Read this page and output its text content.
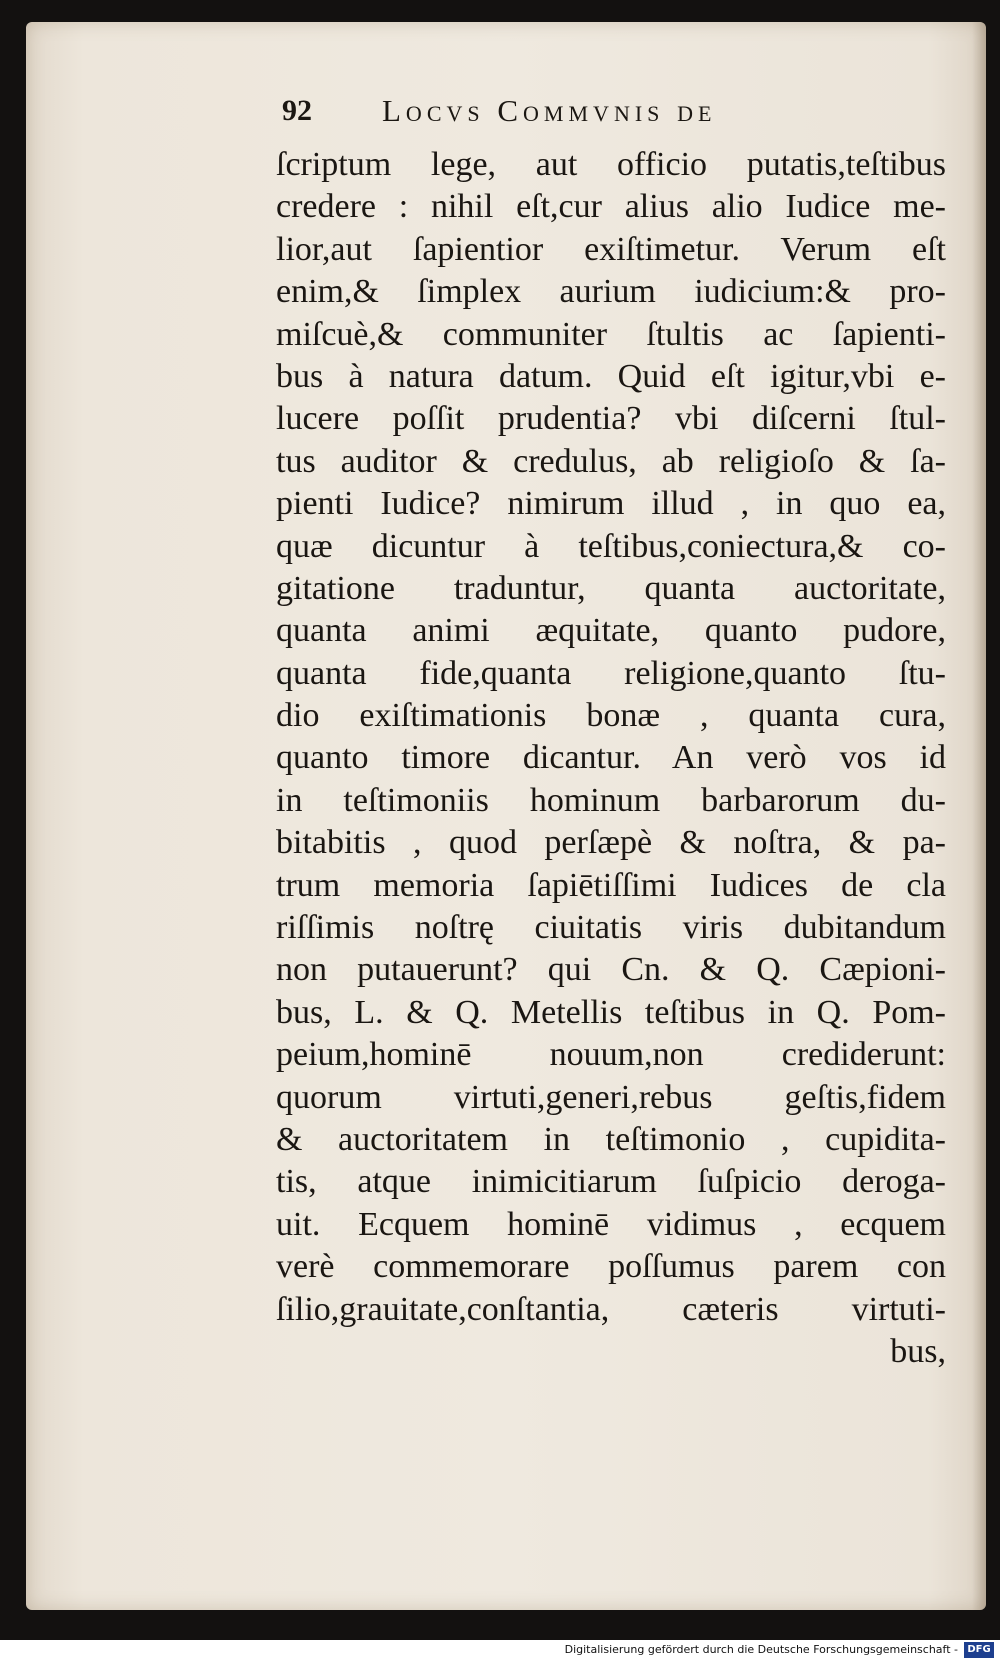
92 Locvs Commvnis de
ſcriptum lege, aut officio putatis,teſtibus
credere : nihil eſt,cur alius alio Iudice me-
lior,aut ſapientior exiſtimetur. Verum eſt
enim,& ſimplex aurium iudicium:& pro-
miſcuè,& communiter ſtultis ac ſapienti-
bus à natura datum. Quid eſt igitur,vbi e-
lucere poſſit prudentia? vbi diſcerni ſtul-
tus auditor & credulus, ab religioſo & ſa-
pienti Iudice? nimirum illud , in quo ea,
quæ dicuntur à teſtibus,coniectura,& co-
gitatione traduntur, quanta auctoritate,
quanta animi æquitate, quanto pudore,
quanta fide,quanta religione,quanto ſtu-
dio exiſtimationis bonæ , quanta cura,
quanto timore dicantur. An verò vos id
in teſtimoniis hominum barbarorum du-
bitabitis , quod perſæpè & noſtra, & pa-
trum memoria ſapiētiſſimi Iudices de cla
riſſimis noſtrę ciuitatis viris dubitandum
non putauerunt? qui Cn. & Q. Cæpioni-
bus, L. & Q. Metellis teſtibus in Q. Pom-
peium,hominē nouum,non crediderunt:
quorum virtuti,generi,rebus geſtis,fidem
& auctoritatem in teſtimonio , cupidita-
tis, atque inimicitiarum ſuſpicio deroga-
uit. Ecquem hominē vidimus , ecquem
verè commemorare poſſumus parem con
ſilio,grauitate,conſtantia, cæteris virtuti-
bus,
Digitalisierung gefördert durch die Deutsche Forschungsgemeinschaft - DFG
